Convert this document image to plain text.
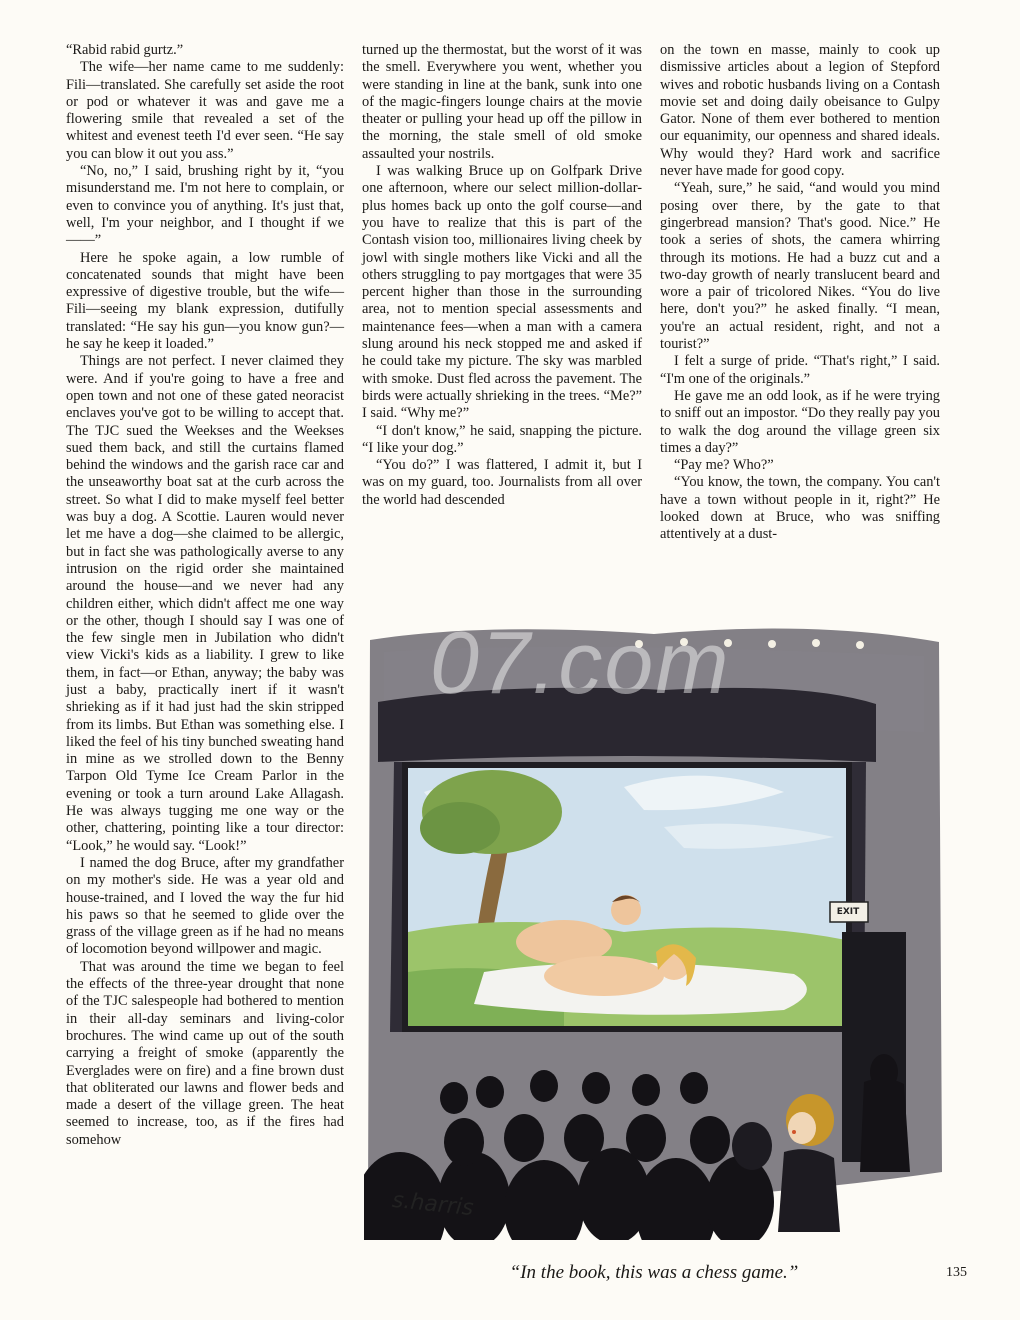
“Rabid rabid gurtz.”

The wife—her name came to me suddenly: Fili—translated. She carefully set aside the root or pod or whatever it was and gave me a flowering smile that revealed a set of the whitest and evenest teeth I'd ever seen. “He say you can blow it out you ass.”

“No, no,” I said, brushing right by it, “you misunderstand me. I'm not here to complain, or even to convince you of anything. It's just that, well, I'm your neighbor, and I thought if we——”

Here he spoke again, a low rumble of concatenated sounds that might have been expressive of digestive trouble, but the wife—Fili—seeing my blank expression, dutifully translated: “He say his gun—you know gun?—he say he keep it loaded.”

Things are not perfect. I never claimed they were. And if you're going to have a free and open town and not one of these gated neoracist enclaves you've got to be willing to accept that. The TJC sued the Weekses and the Weekses sued them back, and still the curtains flamed behind the windows and the garish race car and the unseaworthy boat sat at the curb across the street. So what I did to make myself feel better was buy a dog. A Scottie. Lauren would never let me have a dog—she claimed to be allergic, but in fact she was pathologically averse to any intrusion on the rigid order she maintained around the house—and we never had any children either, which didn't affect me one way or the other, though I should say I was one of the few single men in Jubilation who didn't view Vicki's kids as a liability. I grew to like them, in fact—or Ethan, anyway; the baby was just a baby, practically inert if it wasn't shrieking as if it had just had the skin stripped from its limbs. But Ethan was something else. I liked the feel of his tiny bunched sweating hand in mine as we strolled down to the Benny Tarpon Old Tyme Ice Cream Parlor in the evening or took a turn around Lake Allagash. He was always tugging me one way or the other, chattering, pointing like a tour director: “Look,” he would say. “Look!”

I named the dog Bruce, after my grandfather on my mother's side. He was a year old and house-trained, and I loved the way the fur hid his paws so that he seemed to glide over the grass of the village green as if he had no means of locomotion beyond willpower and magic.

That was around the time we began to feel the effects of the three-year drought that none of the TJC salespeople had bothered to mention in their all-day seminars and living-color brochures. The wind came up out of the south carrying a freight of smoke (apparently the Everglades were on fire) and a fine brown dust that obliterated our lawns and flower beds and made a desert of the village green. The heat seemed to increase, too, as if the fires had somehow

turned up the thermostat, but the worst of it was the smell. Everywhere you went, whether you were standing in line at the bank, sunk into one of the magic-fingers lounge chairs at the movie theater or pulling your head up off the pillow in the morning, the stale smell of old smoke assaulted your nostrils.

I was walking Bruce up on Golfpark Drive one afternoon, where our select million-dollar-plus homes back up onto the golf course—and you have to realize that this is part of the Contash vision too, millionaires living cheek by jowl with single mothers like Vicki and all the others struggling to pay mortgages that were 35 percent higher than those in the surrounding area, not to mention special assessments and maintenance fees—when a man with a camera slung around his neck stopped me and asked if he could take my picture. The sky was marbled with smoke. Dust fled across the pavement. The birds were actually shrieking in the trees. “Me?” I said. “Why me?”

“I don't know,” he said, snapping the picture. “I like your dog.”

“You do?” I was flattered, I admit it, but I was on my guard, too. Journalists from all over the world had descended

on the town en masse, mainly to cook up dismissive articles about a legion of Stepford wives and robotic husbands living on a Contash movie set and doing daily obeisance to Gulpy Gator. None of them ever bothered to mention our equanimity, our openness and shared ideals. Why would they? Hard work and sacrifice never have made for good copy.

“Yeah, sure,” he said, “and would you mind posing over there, by the gate to that gingerbread mansion? That's good. Nice.” He took a series of shots, the camera whirring through its motions. He had a buzz cut and a two-day growth of nearly translucent beard and wore a pair of tricolored Nikes. “You do live here, don't you?” he asked finally. “I mean, you're an actual resident, right, and not a tourist?”

I felt a surge of pride. “That's right,” I said. “I'm one of the originals.”

He gave me an odd look, as if he were trying to sniff out an impostor. “Do they really pay you to walk the dog around the village green six times a day?”

“Pay me? Who?”

“You know, the town, the company. You can't have a town without people in it, right?” He looked down at Bruce, who was sniffing attentively at a dust-

07.com
EXIT
s.harris
“In the book, this was a chess game.”	135
